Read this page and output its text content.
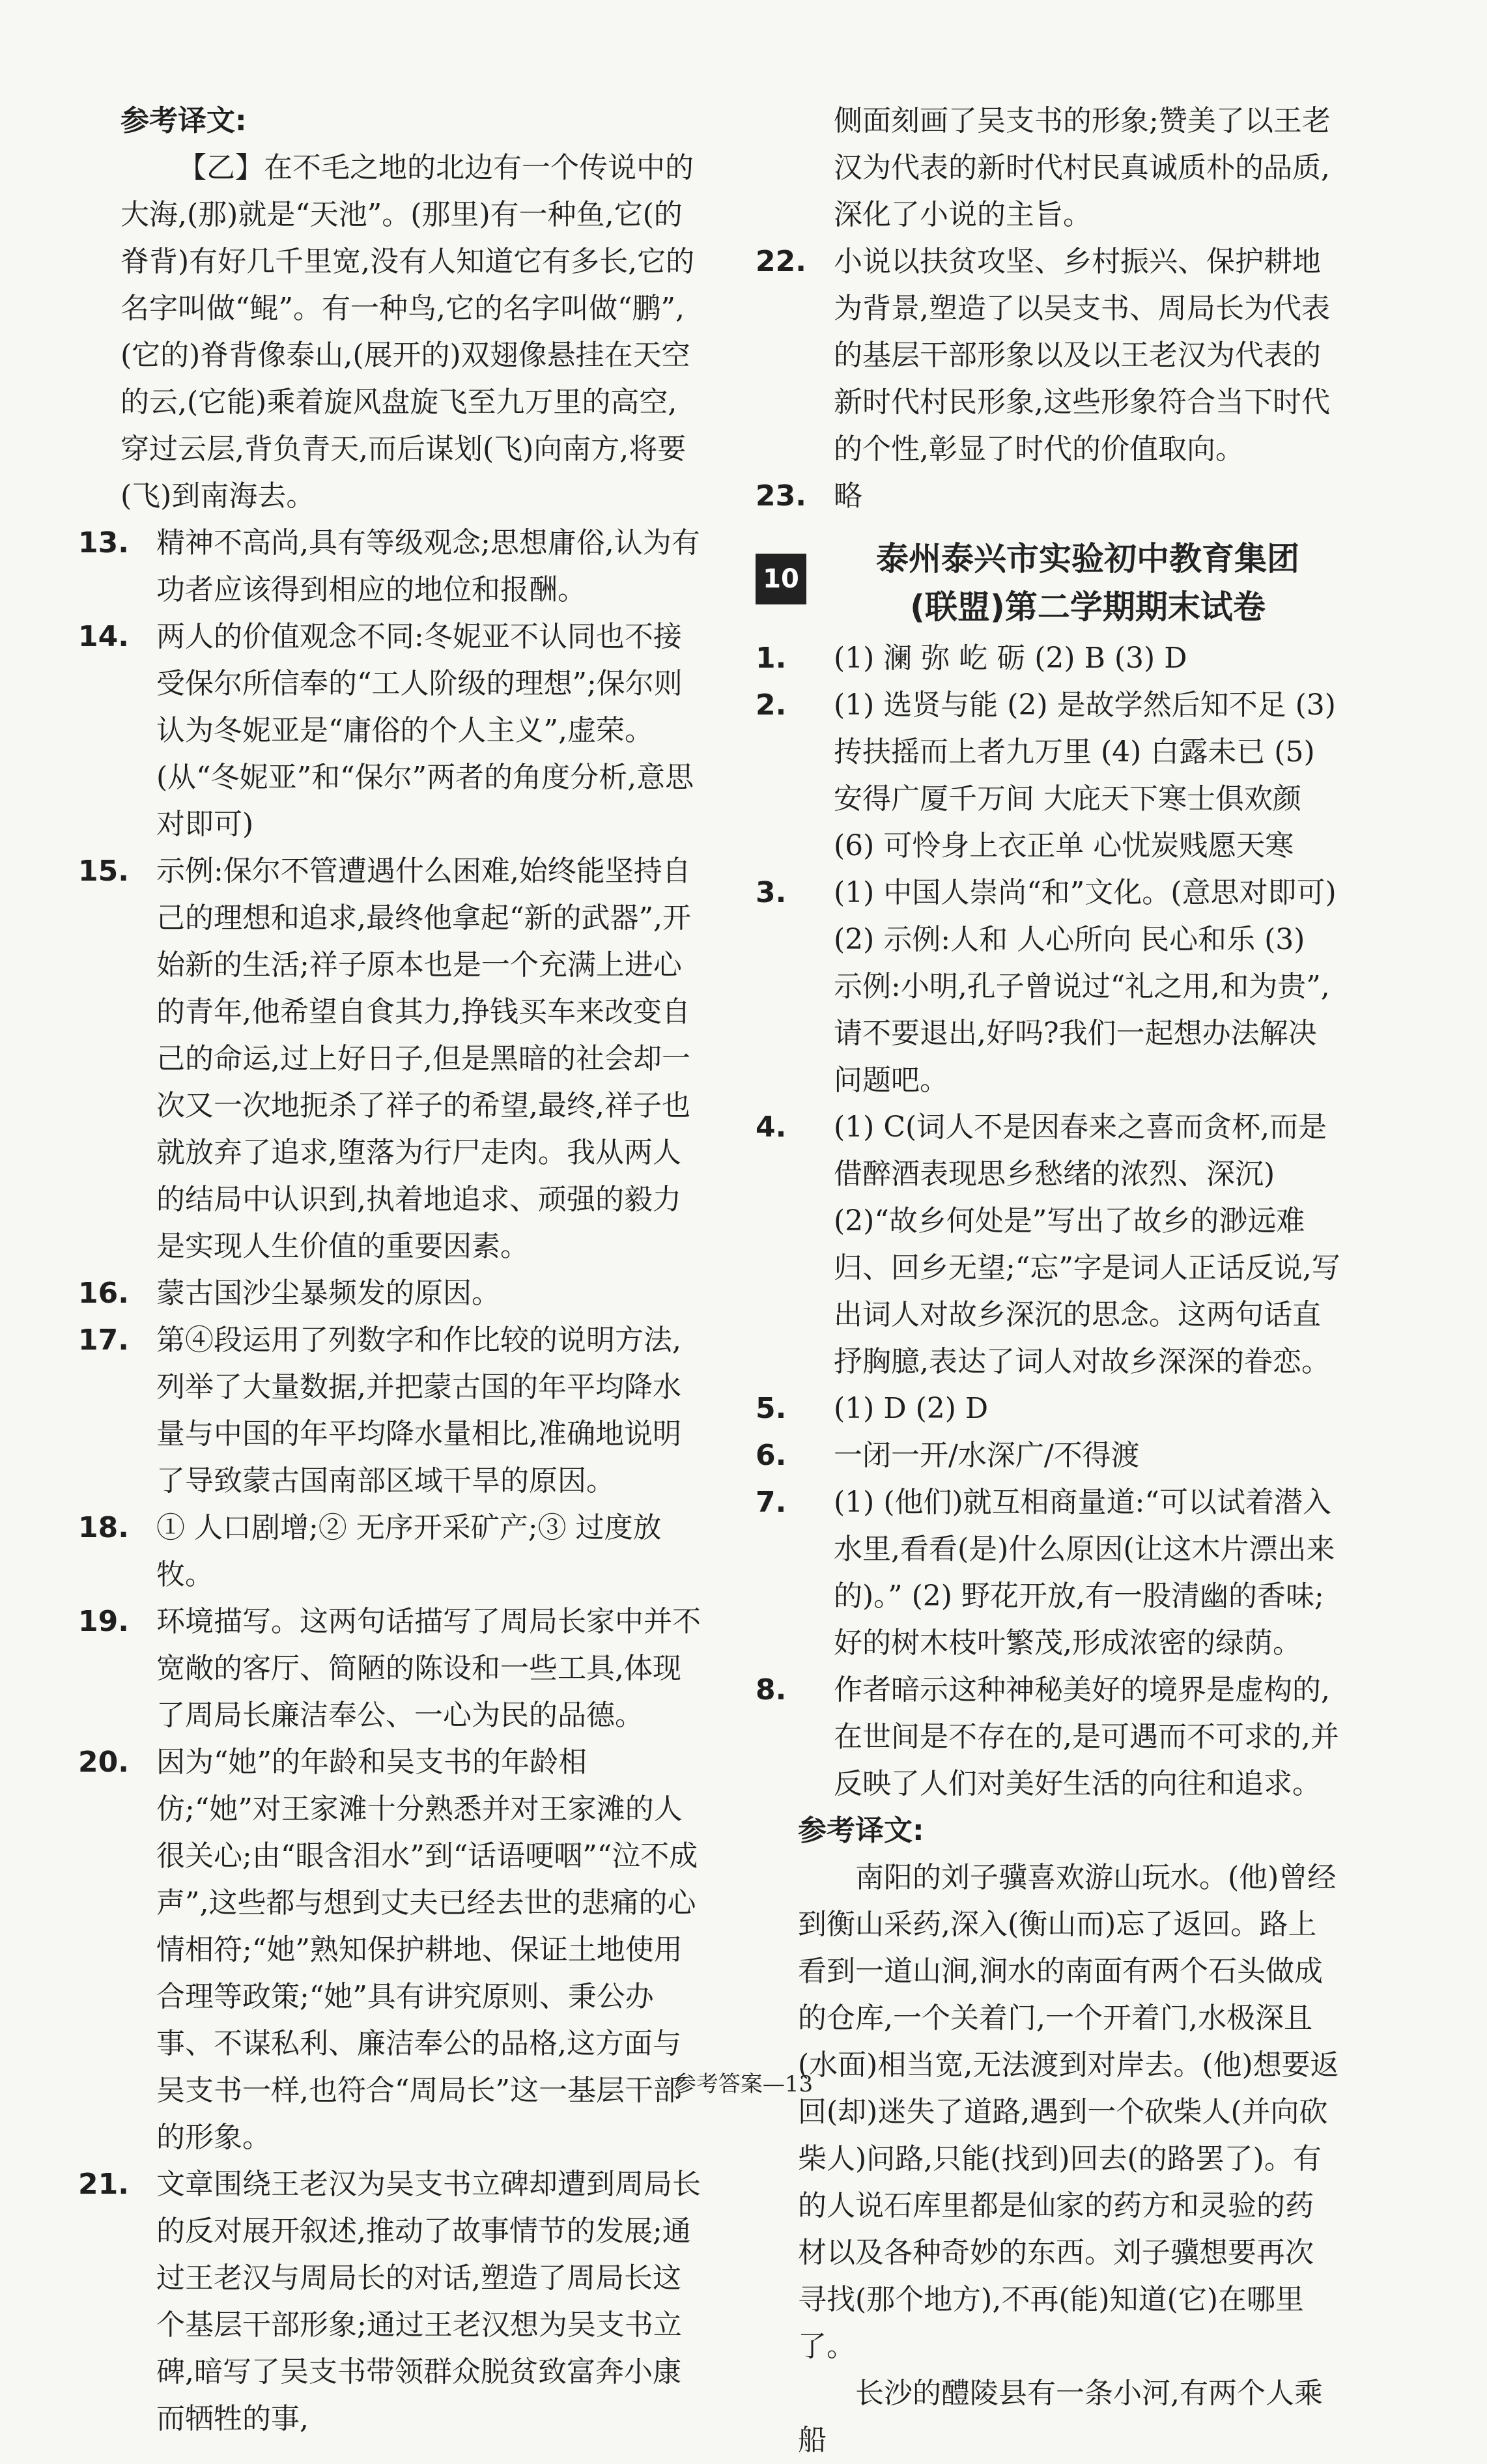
参考译文:

【乙】在不毛之地的北边有一个传说中的大海,(那)就是“天池”。(那里)有一种鱼,它(的脊背)有好几千里宽,没有人知道它有多长,它的名字叫做“鲲”。有一种鸟,它的名字叫做“鹏”,(它的)脊背像泰山,(展开的)双翅像悬挂在天空的云,(它能)乘着旋风盘旋飞至九万里的高空,穿过云层,背负青天,而后谋划(飞)向南方,将要(飞)到南海去。

13. 精神不高尚,具有等级观念;思想庸俗,认为有功者应该得到相应的地位和报酬。
14. 两人的价值观念不同:冬妮亚不认同也不接受保尔所信奉的“工人阶级的理想”;保尔则认为冬妮亚是“庸俗的个人主义”,虚荣。(从“冬妮亚”和“保尔”两者的角度分析,意思对即可)
15. 示例:保尔不管遭遇什么困难,始终能坚持自己的理想和追求,最终他拿起“新的武器”,开始新的生活;祥子原本也是一个充满上进心的青年,他希望自食其力,挣钱买车来改变自己的命运,过上好日子,但是黑暗的社会却一次又一次地扼杀了祥子的希望,最终,祥子也就放弃了追求,堕落为行尸走肉。我从两人的结局中认识到,执着地追求、顽强的毅力是实现人生价值的重要因素。
16. 蒙古国沙尘暴频发的原因。
17. 第④段运用了列数字和作比较的说明方法,列举了大量数据,并把蒙古国的年平均降水量与中国的年平均降水量相比,准确地说明了导致蒙古国南部区域干旱的原因。
18. ① 人口剧增;② 无序开采矿产;③ 过度放牧。
19. 环境描写。这两句话描写了周局长家中并不宽敞的客厅、简陋的陈设和一些工具,体现了周局长廉洁奉公、一心为民的品德。
20. 因为“她”的年龄和吴支书的年龄相仿;“她”对王家滩十分熟悉并对王家滩的人很关心;由“眼含泪水”到“话语哽咽”“泣不成声”,这些都与想到丈夫已经去世的悲痛的心情相符;“她”熟知保护耕地、保证土地使用合理等政策;“她”具有讲究原则、秉公办事、不谋私利、廉洁奉公的品格,这方面与吴支书一样,也符合“周局长”这一基层干部的形象。
21. 文章围绕王老汉为吴支书立碑却遭到周局长的反对展开叙述,推动了故事情节的发展;通过王老汉与周局长的对话,塑造了周局长这个基层干部形象;通过王老汉想为吴支书立碑,暗写了吴支书带领群众脱贫致富奔小康而牺牲的事,

侧面刻画了吴支书的形象;赞美了以王老汉为代表的新时代村民真诚质朴的品质,深化了小说的主旨。

22. 小说以扶贫攻坚、乡村振兴、保护耕地为背景,塑造了以吴支书、周局长为代表的基层干部形象以及以王老汉为代表的新时代村民形象,这些形象符合当下时代的个性,彰显了时代的价值取向。
23. 略
10
泰州泰兴市实验初中教育集团
(联盟)第二学期期末试卷
1. (1) 澜 弥 屹 砺 (2) B (3) D
2. (1) 选贤与能 (2) 是故学然后知不足 (3) 抟扶摇而上者九万里 (4) 白露未已 (5) 安得广厦千万间 大庇天下寒士俱欢颜 (6) 可怜身上衣正单 心忧炭贱愿天寒
3. (1) 中国人崇尚“和”文化。(意思对即可) (2) 示例:人和 人心所向 民心和乐 (3) 示例:小明,孔子曾说过“礼之用,和为贵”,请不要退出,好吗?我们一起想办法解决问题吧。
4. (1) C(词人不是因春来之喜而贪杯,而是借醉酒表现思乡愁绪的浓烈、深沉) (2)“故乡何处是”写出了故乡的渺远难归、回乡无望;“忘”字是词人正话反说,写出词人对故乡深沉的思念。这两句话直抒胸臆,表达了词人对故乡深深的眷恋。
5. (1) D (2) D
6. 一闭一开/水深广/不得渡
7. (1) (他们)就互相商量道:“可以试着潜入水里,看看(是)什么原因(让这木片漂出来的)。” (2) 野花开放,有一股清幽的香味;好的树木枝叶繁茂,形成浓密的绿荫。
8. 作者暗示这种神秘美好的境界是虚构的,在世间是不存在的,是可遇而不可求的,并反映了人们对美好生活的向往和追求。

参考译文:

南阳的刘子骥喜欢游山玩水。(他)曾经到衡山采药,深入(衡山而)忘了返回。路上看到一道山涧,涧水的南面有两个石头做成的仓库,一个关着门,一个开着门,水极深且(水面)相当宽,无法渡到对岸去。(他)想要返回(却)迷失了道路,遇到一个砍柴人(并向砍柴人)问路,只能(找到)回去(的路罢了)。有的人说石库里都是仙家的药方和灵验的药材以及各种奇妙的东西。刘子骥想要再次寻找(那个地方),不再(能)知道(它)在哪里了。

长沙的醴陵县有一条小河,有两个人乘船

参考答案—13
